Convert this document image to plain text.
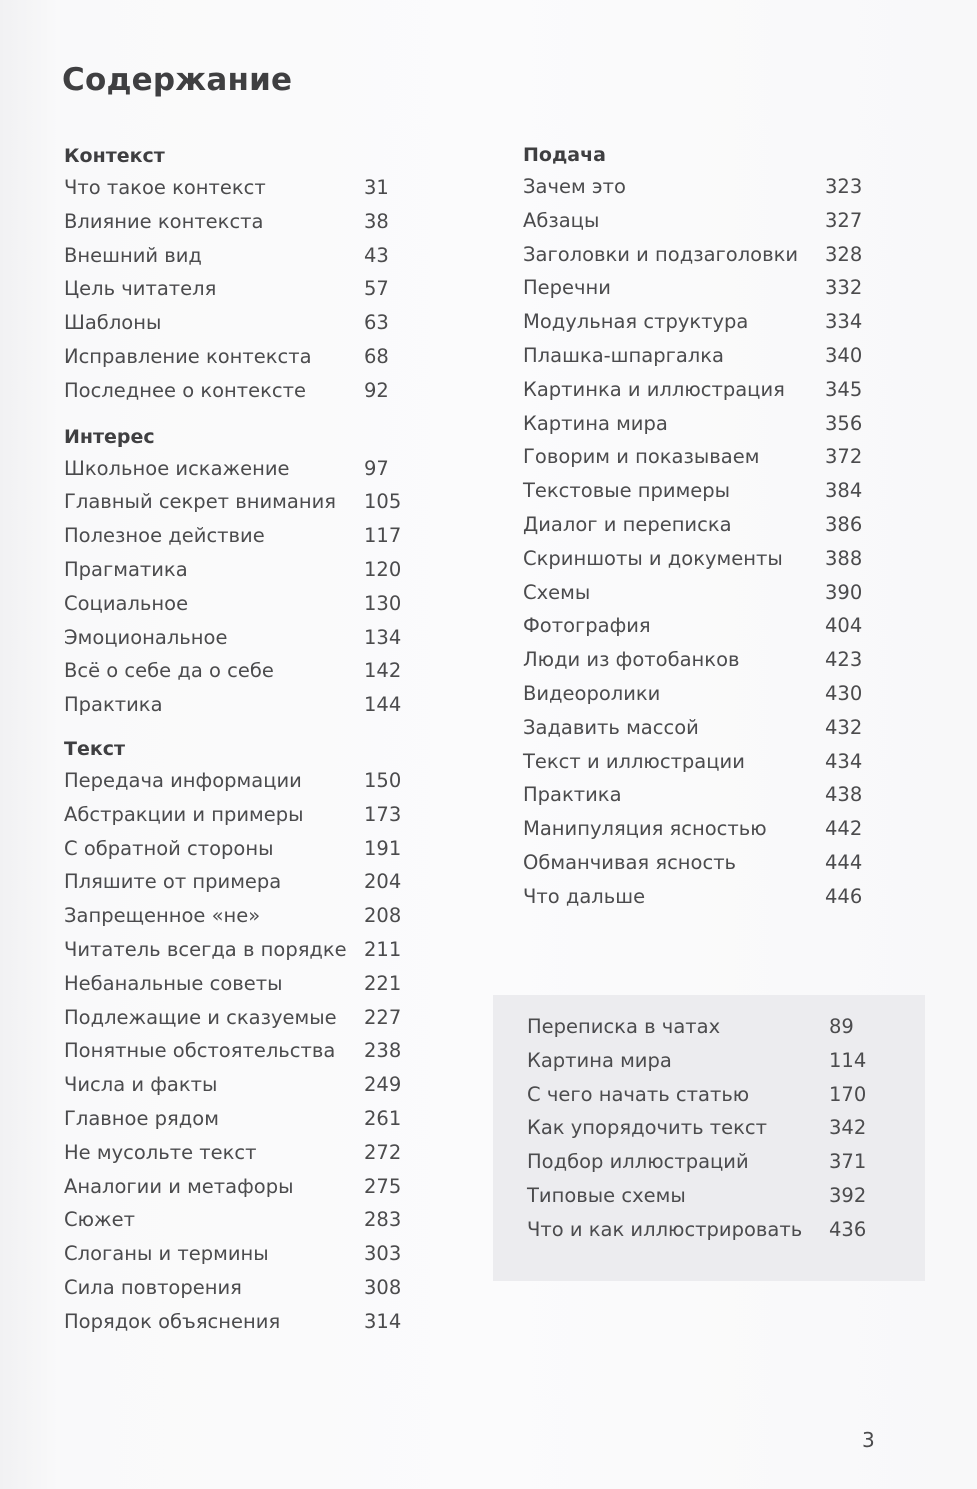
Содержание
Контекст
Что такое контекст	31
Влияние контекста	38
Внешний вид	43
Цель читателя	57
Шаблоны	63
Исправление контекста	68
Последнее о контексте	92
Интерес
Школьное искажение	97
Главный секрет внимания	105
Полезное действие	117
Прагматика	120
Социальное	130
Эмоциональное	134
Всё о себе да о себе	142
Практика	144
Текст
Передача информации	150
Абстракции и примеры	173
С обратной стороны	191
Пляшите от примера	204
Запрещенное «не»	208
Читатель всегда в порядке 211
Небанальные советы	221
Подлежащие и сказуемые	227
Понятные обстоятельства	238
Числа и факты	249
Главное рядом	261
Не мусольте текст	272
Аналогии и метафоры	275
Сюжет	283
Слоганы и термины	303
Сила повторения	308
Порядок объяснения	314
Подача
Зачем это	323
Абзацы	327
Заголовки и подзаголовки	328
Перечни	332
Модульная структура	334
Плашка-шпаргалка	340
Картинка и иллюстрация	345
Картина мира	356
Говорим и показываем	372
Текстовые примеры	384
Диалог и переписка	386
Скриншоты и документы	388
Схемы	390
Фотография	404
Люди из фотобанков	423
Видеоролики	430
Задавить массой	432
Текст и иллюстрации	434
Практика	438
Манипуляция ясностью	442
Обманчивая ясность	444
Что дальше	446
Переписка в чатах	89
Картина мира	114
С чего начать статью	170
Как упорядочить текст	342
Подбор иллюстраций	371
Типовые схемы	392
Что и как иллюстрировать	436
3
